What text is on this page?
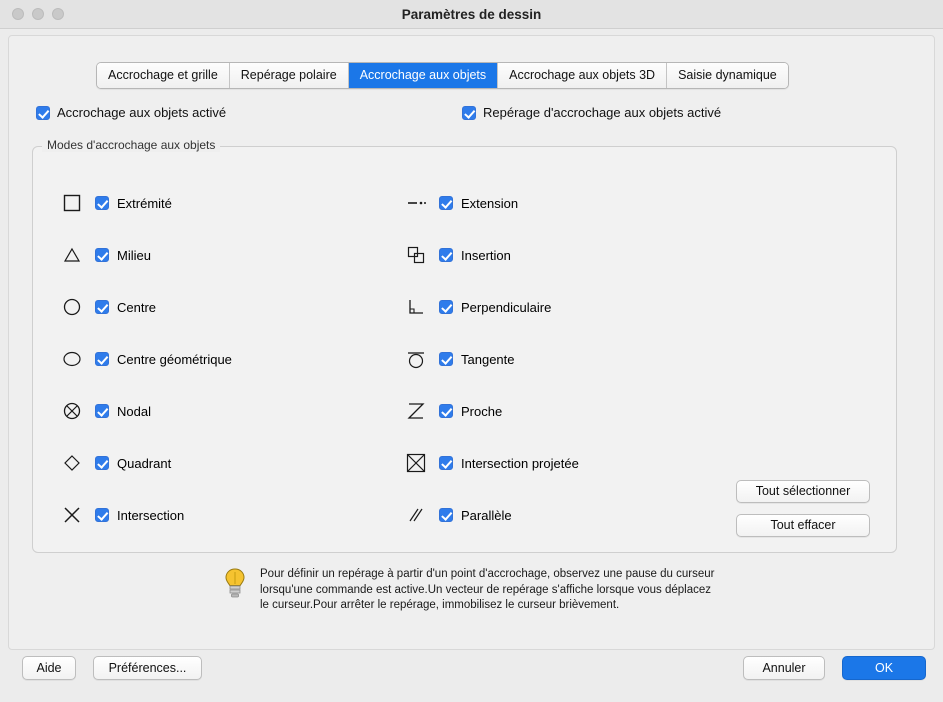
Paramètres de dessin
Accrochage et grille	Repérage polaire	Accrochage aux objets	Accrochage aux objets 3D	Saisie dynamique
Accrochage aux objets activé	Repérage d'accrochage aux objets activé
Extrémité
Milieu
Centre
Centre géométrique
Nodal
Quadrant
Intersection
Extension
Insertion
Perpendiculaire
Tangente
Proche
Intersection projetée
Parallèle
Tout sélectionner
Tout effacer
Modes d'accrochage aux objets
Pour définir un repérage à partir d'un point d'accrochage, observez une pause du curseur lorsqu'une commande est active.Un vecteur de repérage s'affiche lorsque vous déplacez le curseur.Pour arrêter le repérage, immobilisez le curseur brièvement.
Aide	Préférences...	Annuler	OK
